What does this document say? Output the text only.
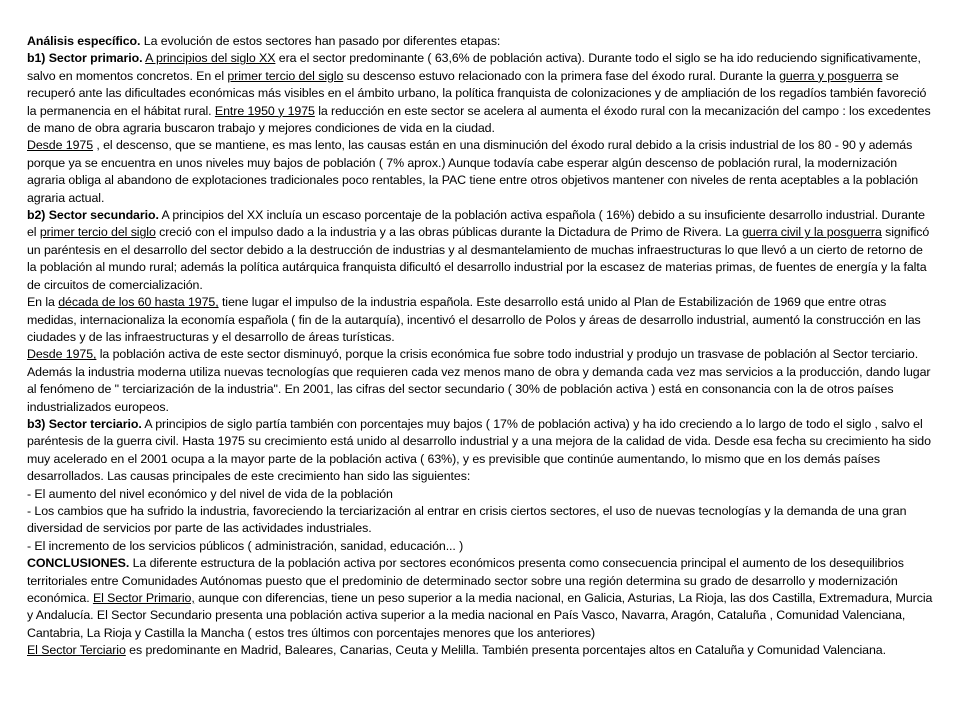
Análisis específico. La evolución de estos sectores han pasado por diferentes etapas:

b1) Sector primario. A principios del siglo XX era el sector predominante ( 63,6% de población activa). Durante todo el siglo se ha ido reduciendo significativamente, salvo en momentos concretos. En el primer tercio del siglo su descenso estuvo relacionado con la primera fase del éxodo rural. Durante la guerra y posguerra se recuperó ante las dificultades económicas más visibles en el ámbito urbano, la política franquista de colonizaciones y de ampliación de los regadíos también favoreció la permanencia en el hábitat rural. Entre 1950 y 1975 la reducción en este sector se acelera al aumenta el éxodo rural con la mecanización del campo : los excedentes de mano de obra agraria buscaron trabajo y mejores condiciones de vida en la ciudad.

Desde 1975 , el descenso, que se mantiene, es mas lento, las causas están en una disminución del éxodo rural debido a la crisis industrial de los 80 - 90 y además porque ya se encuentra en unos niveles muy bajos de población ( 7% aprox.) Aunque todavía cabe esperar algún descenso de población rural, la modernización agraria obliga al abandono de explotaciones tradicionales poco rentables, la PAC tiene entre otros objetivos mantener con niveles de renta aceptables a la población agraria actual.

b2) Sector secundario. A principios del XX incluía un escaso porcentaje de la población activa española ( 16%) debido a su insuficiente desarrollo industrial. Durante el primer tercio del siglo creció con el impulso dado a la industria y a las obras públicas durante la Dictadura de Primo de Rivera. La guerra civil y la posguerra significó un paréntesis en el desarrollo del sector debido a la destrucción de industrias y al desmantelamiento de muchas infraestructuras lo que llevó a un cierto de retorno de la población al mundo rural; además la política autárquica franquista dificultó el desarrollo industrial por la escasez de materias primas, de fuentes de energía y la falta de circuitos de comercialización.

En la década de los 60 hasta 1975, tiene lugar el impulso de la industria española. Este desarrollo está unido al Plan de Estabilización de 1969 que entre otras medidas, internacionaliza la economía española ( fin de la autarquía), incentivó el desarrollo de Polos y áreas de desarrollo industrial, aumentó la construcción en las ciudades y de las infraestructuras y el desarrollo de áreas turísticas.

Desde 1975, la población activa de este sector disminuyó, porque la crisis económica fue sobre todo industrial y produjo un trasvase de población al Sector terciario. Además la industria moderna utiliza nuevas tecnologías que requieren cada vez menos mano de obra y demanda cada vez mas servicios a la producción, dando lugar al fenómeno de " terciarización de la industria". En 2001, las cifras del sector secundario ( 30% de población activa ) está en consonancia con la de otros países industrializados europeos.

b3) Sector terciario. A principios de siglo partía también con porcentajes muy bajos ( 17% de población activa) y ha ido creciendo a lo largo de todo el siglo , salvo el paréntesis de la guerra civil. Hasta 1975 su crecimiento está unido al desarrollo industrial y a una mejora de la calidad de vida. Desde esa fecha su crecimiento ha sido muy acelerado en el 2001 ocupa a la mayor parte de la población activa ( 63%), y es previsible que continúe aumentando, lo mismo que en los demás países desarrollados. Las causas principales de este crecimiento han sido las siguientes:

- El aumento del nivel económico y del nivel de vida de la población

- Los cambios que ha sufrido la industria, favoreciendo la terciarización al entrar en crisis ciertos sectores, el uso de nuevas tecnologías y la demanda de una gran diversidad de servicios por parte de las actividades industriales.

- El incremento de los servicios públicos ( administración, sanidad, educación... )

CONCLUSIONES. La diferente estructura de la población activa por sectores económicos presenta como consecuencia principal el aumento de los desequilibrios territoriales entre Comunidades Autónomas puesto que el predominio de determinado sector sobre una región determina su grado de desarrollo y modernización económica. El Sector Primario, aunque con diferencias, tiene un peso superior a la media nacional, en Galicia, Asturias, La Rioja, las dos Castilla, Extremadura, Murcia y Andalucía. El Sector Secundario presenta una población activa superior a la media nacional en País Vasco, Navarra, Aragón, Cataluña , Comunidad Valenciana, Cantabria, La Rioja y Castilla la Mancha ( estos tres últimos con porcentajes menores que los anteriores)

El Sector Terciario es predominante en Madrid, Baleares, Canarias, Ceuta y Melilla. También presenta porcentajes altos en Cataluña y Comunidad Valenciana.
